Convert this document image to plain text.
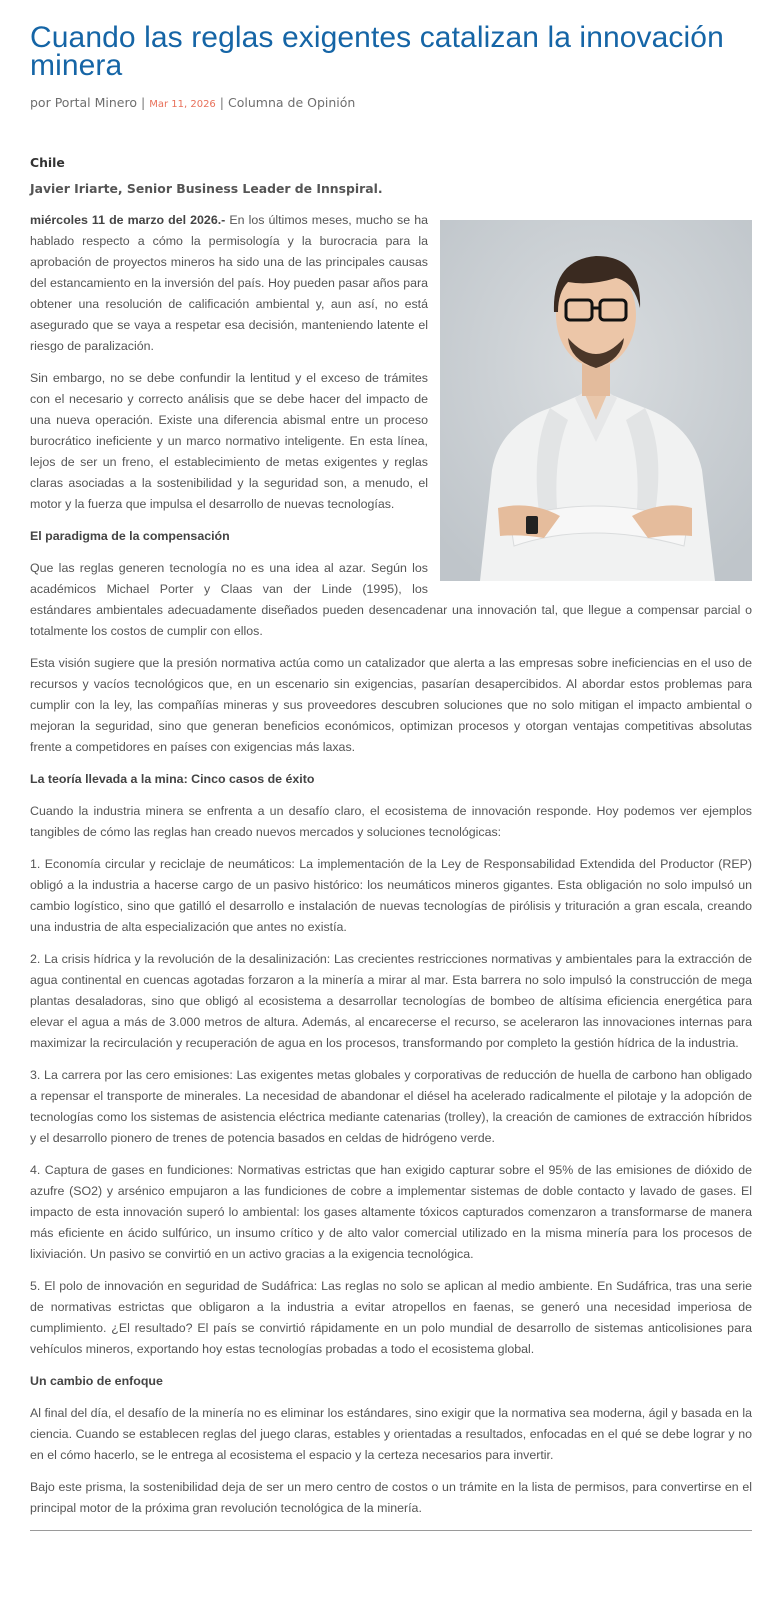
Cuando las reglas exigentes catalizan la innovación minera
por Portal Minero | Mar 11, 2026 | Columna de Opinión

Chile

Javier Iriarte, Senior Business Leader de Innspiral.

miércoles 11 de marzo del 2026.- En los últimos meses, mucho se ha hablado respecto a cómo la permisología y la burocracia para la aprobación de proyectos mineros ha sido una de las principales causas del estancamiento en la inversión del país. Hoy pueden pasar años para obtener una resolución de calificación ambiental y, aun así, no está asegurado que se vaya a respetar esa decisión, manteniendo latente el riesgo de paralización.

Sin embargo, no se debe confundir la lentitud y el exceso de trámites con el necesario y correcto análisis que se debe hacer del impacto de una nueva operación. Existe una diferencia abismal entre un proceso burocrático ineficiente y un marco normativo inteligente. En esta línea, lejos de ser un freno, el establecimiento de metas exigentes y reglas claras asociadas a la sostenibilidad y la seguridad son, a menudo, el motor y la fuerza que impulsa el desarrollo de nuevas tecnologías.

El paradigma de la compensación

Que las reglas generen tecnología no es una idea al azar. Según los académicos Michael Porter y Claas van der Linde (1995), los estándares ambientales adecuadamente diseñados pueden desencadenar una innovación tal, que llegue a compensar parcial o totalmente los costos de cumplir con ellos.

Esta visión sugiere que la presión normativa actúa como un catalizador que alerta a las empresas sobre ineficiencias en el uso de recursos y vacíos tecnológicos que, en un escenario sin exigencias, pasarían desapercibidos. Al abordar estos problemas para cumplir con la ley, las compañías mineras y sus proveedores descubren soluciones que no solo mitigan el impacto ambiental o mejoran la seguridad, sino que generan beneficios económicos, optimizan procesos y otorgan ventajas competitivas absolutas frente a competidores en países con exigencias más laxas.

La teoría llevada a la mina: Cinco casos de éxito

Cuando la industria minera se enfrenta a un desafío claro, el ecosistema de innovación responde. Hoy podemos ver ejemplos tangibles de cómo las reglas han creado nuevos mercados y soluciones tecnológicas:

1. Economía circular y reciclaje de neumáticos: La implementación de la Ley de Responsabilidad Extendida del Productor (REP) obligó a la industria a hacerse cargo de un pasivo histórico: los neumáticos mineros gigantes. Esta obligación no solo impulsó un cambio logístico, sino que gatilló el desarrollo e instalación de nuevas tecnologías de pirólisis y trituración a gran escala, creando una industria de alta especialización que antes no existía.

2. La crisis hídrica y la revolución de la desalinización: Las crecientes restricciones normativas y ambientales para la extracción de agua continental en cuencas agotadas forzaron a la minería a mirar al mar. Esta barrera no solo impulsó la construcción de mega plantas desaladoras, sino que obligó al ecosistema a desarrollar tecnologías de bombeo de altísima eficiencia energética para elevar el agua a más de 3.000 metros de altura. Además, al encarecerse el recurso, se aceleraron las innovaciones internas para maximizar la recirculación y recuperación de agua en los procesos, transformando por completo la gestión hídrica de la industria.

3. La carrera por las cero emisiones: Las exigentes metas globales y corporativas de reducción de huella de carbono han obligado a repensar el transporte de minerales. La necesidad de abandonar el diésel ha acelerado radicalmente el pilotaje y la adopción de tecnologías como los sistemas de asistencia eléctrica mediante catenarias (trolley), la creación de camiones de extracción híbridos y el desarrollo pionero de trenes de potencia basados en celdas de hidrógeno verde.

4. Captura de gases en fundiciones: Normativas estrictas que han exigido capturar sobre el 95% de las emisiones de dióxido de azufre (SO2) y arsénico empujaron a las fundiciones de cobre a implementar sistemas de doble contacto y lavado de gases. El impacto de esta innovación superó lo ambiental: los gases altamente tóxicos capturados comenzaron a transformarse de manera más eficiente en ácido sulfúrico, un insumo crítico y de alto valor comercial utilizado en la misma minería para los procesos de lixiviación. Un pasivo se convirtió en un activo gracias a la exigencia tecnológica.

5. El polo de innovación en seguridad de Sudáfrica: Las reglas no solo se aplican al medio ambiente. En Sudáfrica, tras una serie de normativas estrictas que obligaron a la industria a evitar atropellos en faenas, se generó una necesidad imperiosa de cumplimiento. ¿El resultado? El país se convirtió rápidamente en un polo mundial de desarrollo de sistemas anticolisiones para vehículos mineros, exportando hoy estas tecnologías probadas a todo el ecosistema global.

Un cambio de enfoque

Al final del día, el desafío de la minería no es eliminar los estándares, sino exigir que la normativa sea moderna, ágil y basada en la ciencia. Cuando se establecen reglas del juego claras, estables y orientadas a resultados, enfocadas en el qué se debe lograr y no en el cómo hacerlo, se le entrega al ecosistema el espacio y la certeza necesarios para invertir.

Bajo este prisma, la sostenibilidad deja de ser un mero centro de costos o un trámite en la lista de permisos, para convertirse en el principal motor de la próxima gran revolución tecnológica de la minería.
